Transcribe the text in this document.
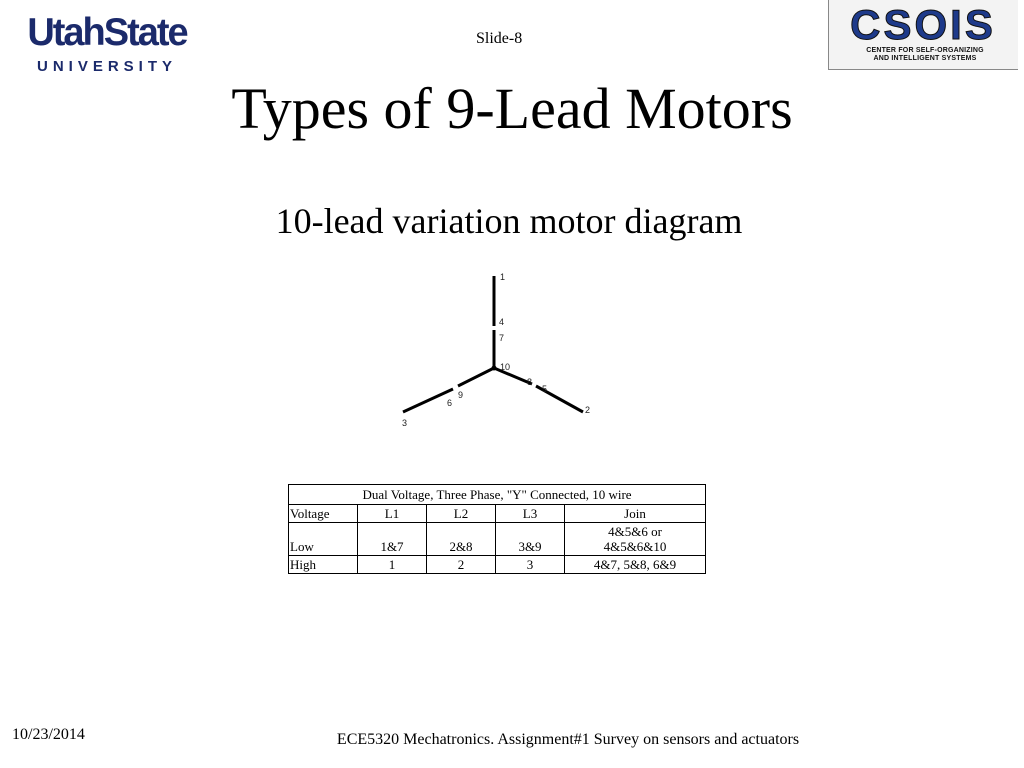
UtahState
UNIVERSITY
Slide-8	CSOIS
CENTER FOR SELF-ORGANIZING
AND INTELLIGENT SYSTEMS
Types of 9-Lead Motors
10-lead variation motor diagram
1
4
7
10
8
5
2
9
6
3
Dual Voltage, Three Phase, "Y" Connected, 10 wire				
Voltage	L1	L2	L3	Join
Low	1&7	2&8	3&9	4&5&6 or
4&5&6&10

High	1	2	3	4&7, 5&8, 6&9
10/23/2014	ECE5320 Mechatronics. Assignment#1 Survey on sensors and actuators
